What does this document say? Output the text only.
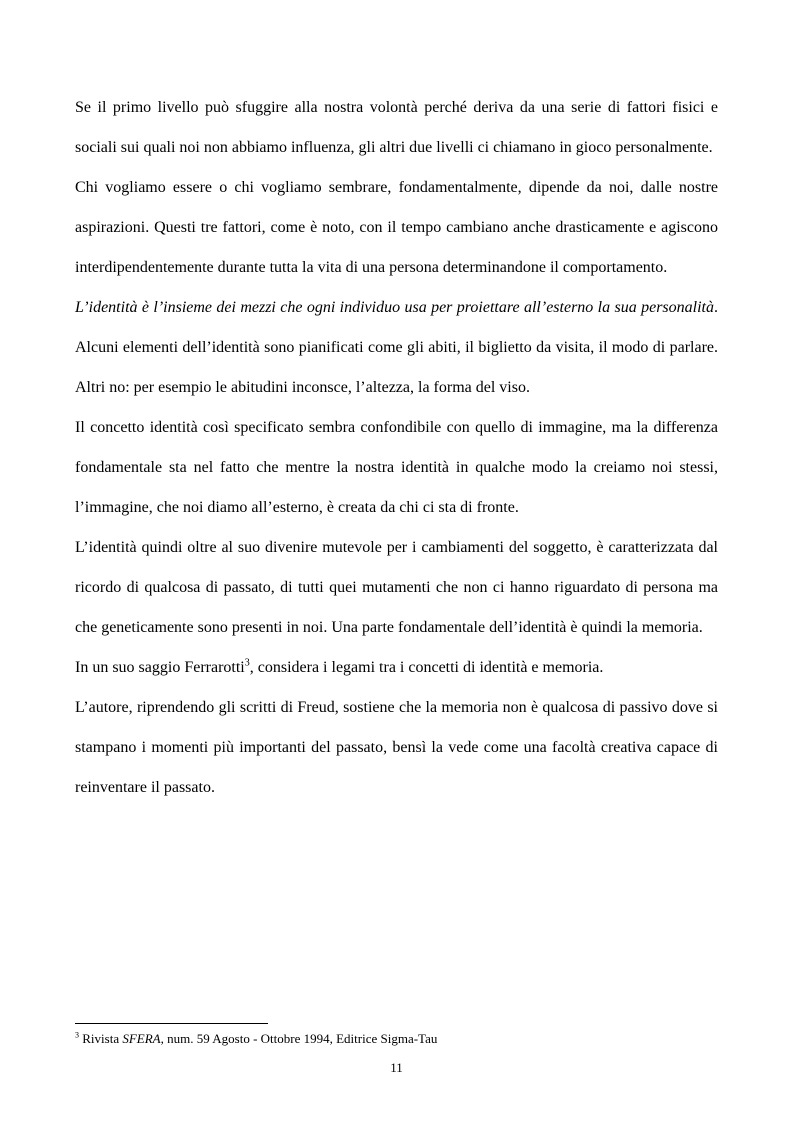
Se il primo livello può sfuggire alla nostra volontà perché deriva da una serie di fattori fisici e sociali sui quali noi non abbiamo influenza, gli altri due livelli ci chiamano in gioco personalmente.

Chi vogliamo essere o chi vogliamo sembrare, fondamentalmente, dipende da noi, dalle nostre aspirazioni. Questi tre fattori, come è noto, con il tempo cambiano anche drasticamente e agiscono interdipendentemente durante tutta la vita di una persona determinandone il comportamento.

L’identità è l’insieme dei mezzi che ogni individuo usa per proiettare all’esterno la sua personalità. Alcuni elementi dell’identità sono pianificati come gli abiti, il biglietto da visita, il modo di parlare. Altri no: per esempio le abitudini inconsce, l’altezza, la forma del viso.

Il concetto identità così specificato sembra confondibile con quello di immagine, ma la differenza fondamentale sta nel fatto che mentre la nostra identità in qualche modo la creiamo noi stessi, l’immagine, che noi diamo all’esterno, è creata da chi ci sta di fronte.

L’identità quindi oltre al suo divenire mutevole per i cambiamenti del soggetto, è caratterizzata dal ricordo di qualcosa di passato, di tutti quei mutamenti che non ci hanno riguardato di persona ma che geneticamente sono presenti in noi. Una parte fondamentale dell’identità è quindi la memoria.

In un suo saggio Ferrarotti$^3$, considera i legami tra i concetti di identità e memoria.

L’autore, riprendendo gli scritti di Freud, sostiene che la memoria non è qualcosa di passivo dove si stampano i momenti più importanti del passato, bensì la vede come una facoltà creativa capace di reinventare il passato.

$^3$ Rivista SFERA, num. 59 Agosto - Ottobre 1994, Editrice Sigma-Tau
11
